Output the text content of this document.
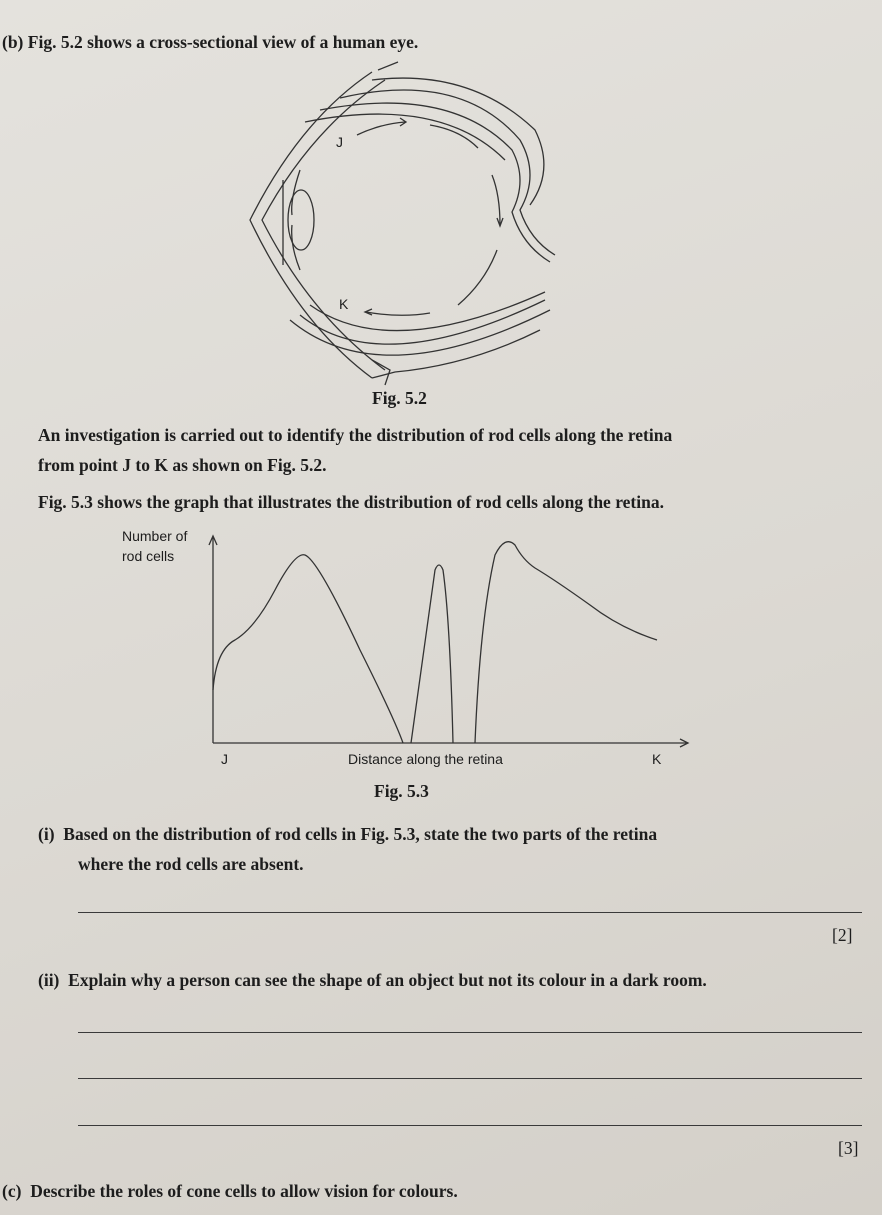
(b) Fig. 5.2 shows a cross-sectional view of a human eye.
J
K
Fig. 5.2
An investigation is carried out to identify the distribution of rod cells along the retina
from point J to K as shown on Fig. 5.2.
Fig. 5.3 shows the graph that illustrates the distribution of rod cells along the retina.
Number of
rod cells
J	Distance along the retina	K
Fig. 5.3
(i) Based on the distribution of rod cells in Fig. 5.3, state the two parts of the retina
where the rod cells are absent.
[2]
(ii) Explain why a person can see the shape of an object but not its colour in a dark room.
[3]
(c) Describe the roles of cone cells to allow vision for colours.
